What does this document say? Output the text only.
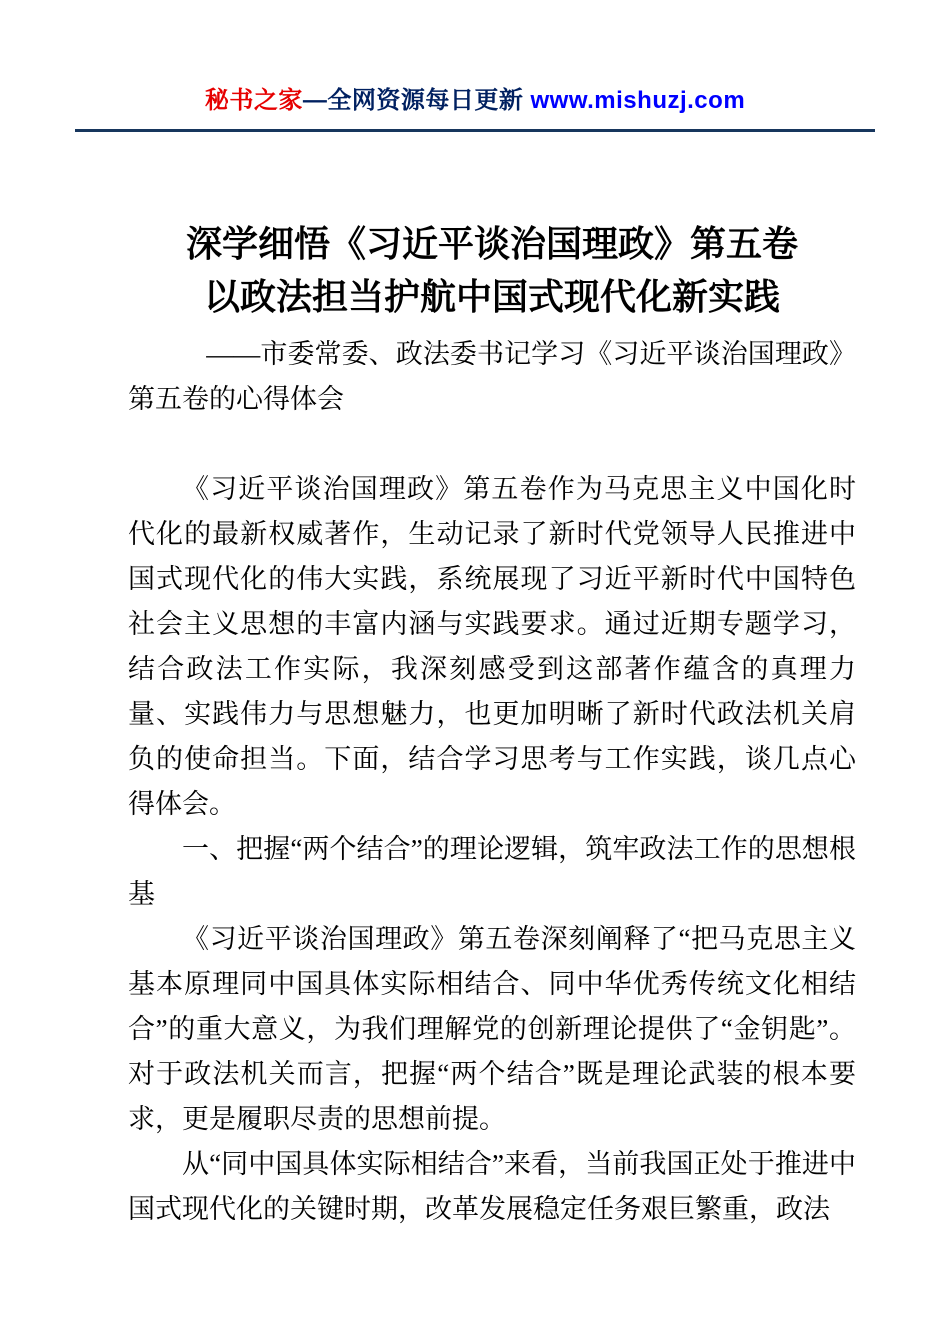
秘书之家—全网资源每日更新 www.mishuzj.com
深学细悟《习近平谈治国理政》第五卷
以政法担当护航中国式现代化新实践

——市委常委、政法委书记学习《习近平谈治国理政》第五卷的心得体会

《习近平谈治国理政》第五卷作为马克思主义中国化时代化的最新权威著作，生动记录了新时代党领导人民推进中国式现代化的伟大实践，系统展现了习近平新时代中国特色社会主义思想的丰富内涵与实践要求。通过近期专题学习，结合政法工作实际，我深刻感受到这部著作蕴含的真理力量、实践伟力与思想魅力，也更加明晰了新时代政法机关肩负的使命担当。下面，结合学习思考与工作实践，谈几点心得体会。

一、把握“两个结合”的理论逻辑，筑牢政法工作的思想根基

《习近平谈治国理政》第五卷深刻阐释了“把马克思主义基本原理同中国具体实际相结合、同中华优秀传统文化相结合”的重大意义，为我们理解党的创新理论提供了“金钥匙”。对于政法机关而言，把握“两个结合”既是理论武装的根本要求，更是履职尽责的思想前提。

从“同中国具体实际相结合”来看，当前我国正处于推进中国式现代化的关键时期，改革发展稳定任务艰巨繁重，政法
